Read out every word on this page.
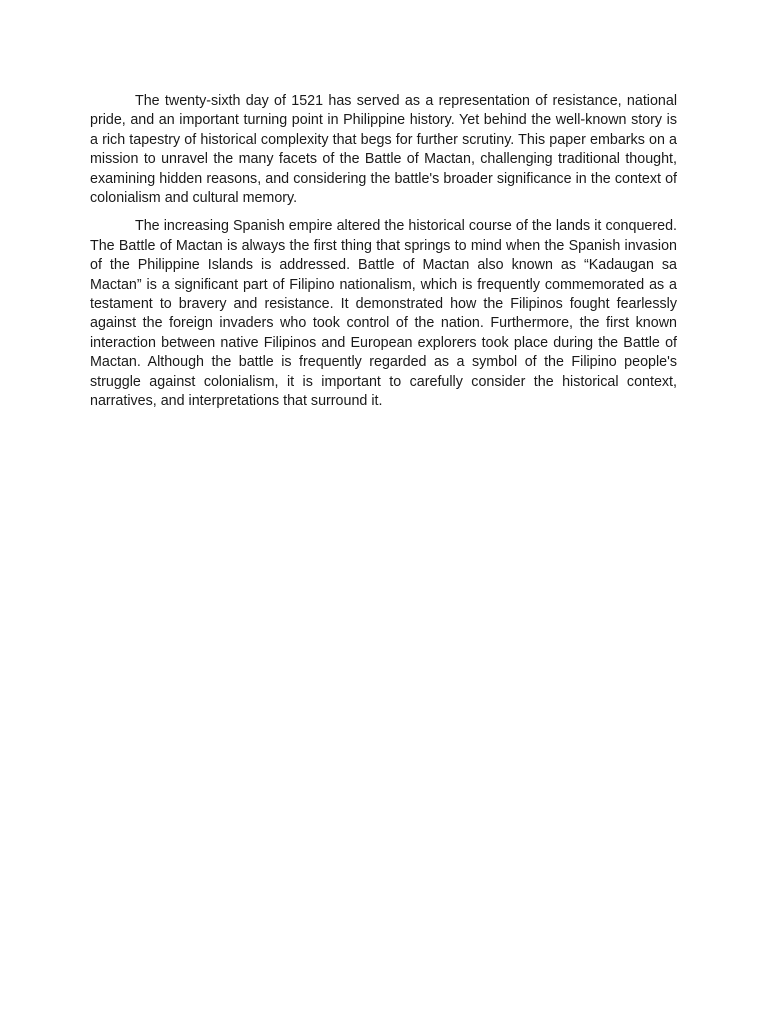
The twenty-sixth day of 1521 has served as a representation of resistance, national pride, and an important turning point in Philippine history. Yet behind the well-known story is a rich tapestry of historical complexity that begs for further scrutiny. This paper embarks on a mission to unravel the many facets of the Battle of Mactan, challenging traditional thought, examining hidden reasons, and considering the battle's broader significance in the context of colonialism and cultural memory.

The increasing Spanish empire altered the historical course of the lands it conquered. The Battle of Mactan is always the first thing that springs to mind when the Spanish invasion of the Philippine Islands is addressed. Battle of Mactan also known as “Kadaugan sa Mactan” is a significant part of Filipino nationalism, which is frequently commemorated as a testament to bravery and resistance. It demonstrated how the Filipinos fought fearlessly against the foreign invaders who took control of the nation. Furthermore, the first known interaction between native Filipinos and European explorers took place during the Battle of Mactan. Although the battle is frequently regarded as a symbol of the Filipino people's struggle against colonialism, it is important to carefully consider the historical context, narratives, and interpretations that surround it.
